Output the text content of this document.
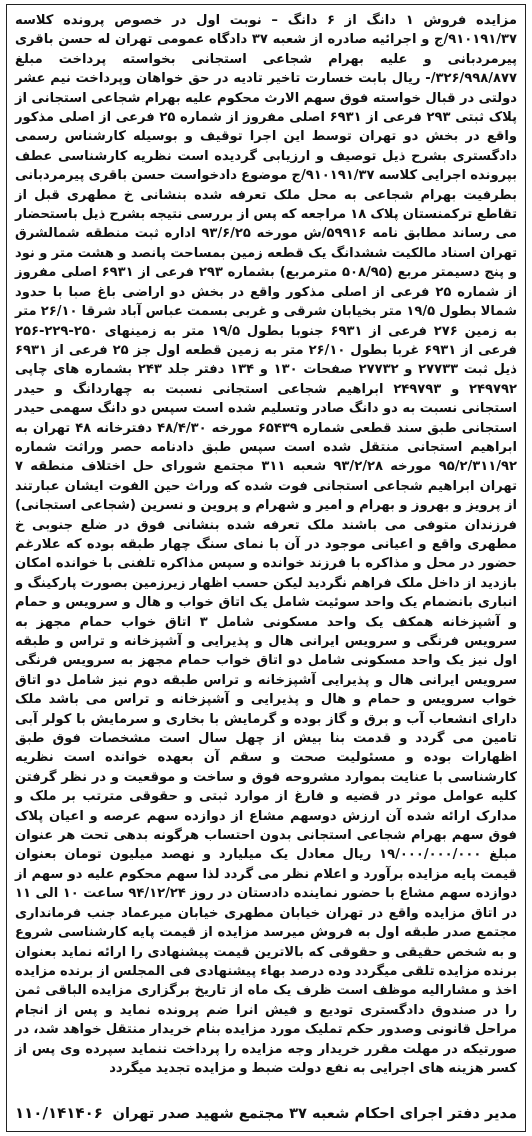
مزایده فروش ۱ دانگ از ۶ دانگ – نوبت اول در خصوص پرونده کلاسه ۹۱۰۱۹۱/۳۷/ج و اجرائیه صادره از شعبه ۳۷ دادگاه عمومی تهران له حسن باقری پیرمردبانی و علیه بهرام شجاعی استجانی بخواسته پرداخت مبلغ ۳۲۶/۹۹۸/۸۷۷/- ریال بابت خسارت تاخیر تادیه در حق خواهان وپرداخت نیم عشر دولتی در قبال خواسته فوق سهم الارث محکوم علیه بهرام شجاعی استجانی از پلاک ثبتی ۲۹۳ فرعی از ۶۹۳۱ اصلی مفروز از شماره ۲۵ فرعی از اصلی مذکور واقع در بخش دو تهران توسط این اجرا توقیف و بوسیله کارشناس رسمی دادگستری بشرح ذیل توصیف و ارزیابی گردیده است نظریه کارشناسی عطف بپرونده اجرایی کلاسه ۹۱۰۱۹۱/۳۷/ج موضوع دادخواست حسن باقری پیرمردبانی بطرفیت بهرام شجاعی به محل ملک تعرفه شده بنشانی خ مطهری قبل از تقاطع ترکمنستان پلاک ۱۸ مراجعه که پس از بررسی نتیجه بشرح ذیل باستحضار می رساند مطابق نامه ۵۹۹۱۶/ش مورخه ۹۳/۶/۲۵ اداره ثبت منطقه شمالشرق تهران اسناد مالکیت ششدانگ یک قطعه زمین بمساحت پانصد و هشت متر و نود و پنج دسیمتر مربع (۵۰۸/۹۵ مترمربع) بشماره ۲۹۳ فرعی از ۶۹۳۱ اصلی مفروز از شماره ۲۵ فرعی از اصلی مذکور واقع در بخش دو اراضی باغ صبا با حدود شمالا بطول ۱۹/۵ متر بخیابان شرقی و غربی بسمت عباس آباد شرقا ۲۶/۱۰ متر به زمین ۲۷۶ فرعی از ۶۹۳۱ جنوبا بطول ۱۹/۵ متر به زمینهای ۲۵۰-۲۲۹-۲۵۶ فرعی از ۶۹۳۱ غربا بطول ۲۶/۱۰ متر به زمین قطعه اول جز ۲۵ فرعی از ۶۹۳۱ ذیل ثبت ۲۷۷۳۳ و ۲۷۷۳۲ صفحات ۱۳۰ و ۱۳۴ دفتر جلد ۲۴۳ بشماره های چاپی ۲۴۹۷۹۲ و ۲۴۹۷۹۳ ابراهیم شجاعی استجانی نسبت به چهاردانگ و حیدر استجانی نسبت به دو دانگ صادر وتسلیم شده است سپس دو دانگ سهمی حیدر استجانی طبق سند قطعی شماره ۶۵۴۳۹ مورخه ۴۸/۴/۳۰ دفترخانه ۴۸ تهران به ابراهیم استجانی منتقل شده است سپس طبق دادنامه حصر وراثت شماره ۹۵/۲/۳۱۱/۹۲ مورخه ۹۳/۲/۲۸ شعبه ۳۱۱ مجتمع شورای حل اختلاف منطقه ۷ تهران ابراهیم شجاعی استجانی فوت شده که وراث حین الفوت ایشان عبارتند از پرویز و بهروز و بهرام و امیر و شهرام و پروین و نسرین (شجاعی استجانی) فرزندان متوفی می باشند ملک تعرفه شده بنشانی فوق در ضلع جنوبی خ مطهری واقع و اعیانی موجود در آن با نمای سنگ چهار طبقه بوده که علارغم حضور در محل و مذاکره با فرزند خوانده و سپس مذاکره تلفنی با خوانده امکان بازدید از داخل ملک فراهم نگردید لیکن حسب اظهار زیرزمین بصورت پارکینگ و انباری بانضمام یک واحد سوئیت شامل یک اتاق خواب و هال و سرویس و حمام و آشپزخانه همکف یک واحد مسکونی شامل ۳ اتاق خواب حمام مجهز به سرویس فرنگی و سرویس ایرانی هال و پذیرایی و آشپزخانه و تراس و طبقه اول نیز یک واحد مسکونی شامل دو اتاق خواب حمام مجهز به سرویس فرنگی سرویس ایرانی هال و پذیرایی آشپزخانه و تراس طبقه دوم نیز شامل دو اتاق خواب سرویس و حمام و هال و پذیرایی و آشپزخانه و تراس می باشد ملک دارای انشعاب آب و برق و گاز بوده و گرمایش با بخاری و سرمایش با کولر آبی تامین می گردد و قدمت بنا بیش از چهل سال است مشخصات فوق طبق اظهارات بوده و مسئولیت صحت و سقم آن بعهده خوانده است نظریه کارشناسی با عنایت بموارد مشروحه فوق و ساخت و موقعیت و در نظر گرفتن کلیه عوامل موثر در قضیه و فارغ از موارد ثبتی و حقوقی مترتب بر ملک و مدارک ارائه شده آن ارزش دوسهم مشاع از دوازده سهم عرصه و اعیان پلاک فوق سهم بهرام شجاعی استجانی بدون احتساب هرگونه بدهی تحت هر عنوان مبلغ ۱۹/۰۰۰/۰۰۰/۰۰۰ ریال معادل یک میلیارد و نهصد میلیون تومان بعنوان قیمت پایه مزایده برآورد و اعلام نظر می گردد لذا سهم محکوم علیه دو سهم از دوازده سهم مشاع با حضور نماینده دادستان در روز ۹۴/۱۲/۲۴ ساعت ۱۰ الی ۱۱ در اتاق مزایده واقع در تهران خیابان مطهری خیابان میرعماد جنب فرمانداری مجتمع صدر طبقه اول به فروش میرسد مزایده از قیمت پایه کارشناسی شروع و به شخص حقیقی و حقوقی که بالاترین قیمت پیشنهادی را ارائه نماید بعنوان برنده مزایده تلقی میگردد وده درصد بهاء پیشنهادی فی المجلس از برنده مزایده اخذ و مشارالیه موظف است ظرف یک ماه از تاریخ برگزاری مزایده الباقی ثمن را در صندوق دادگستری تودیع و فیش انرا ضم پرونده نماید و پس از انجام مراحل قانونی وصدور حکم تملیک مورد مزایده بنام خریدار منتقل خواهد شد، در صورتیکه در مهلت مقرر خریدار وجه مزایده را پرداخت ننماید سپرده وی پس از کسر هزینه های اجرایی به نفع دولت ضبط و مزایده تجدید میگردد

مدیر دفتر اجرای احکام شعبه ۳۷ مجتمع شهید صدر تهران
۱۱۰/۱۴۱۴۰۶
